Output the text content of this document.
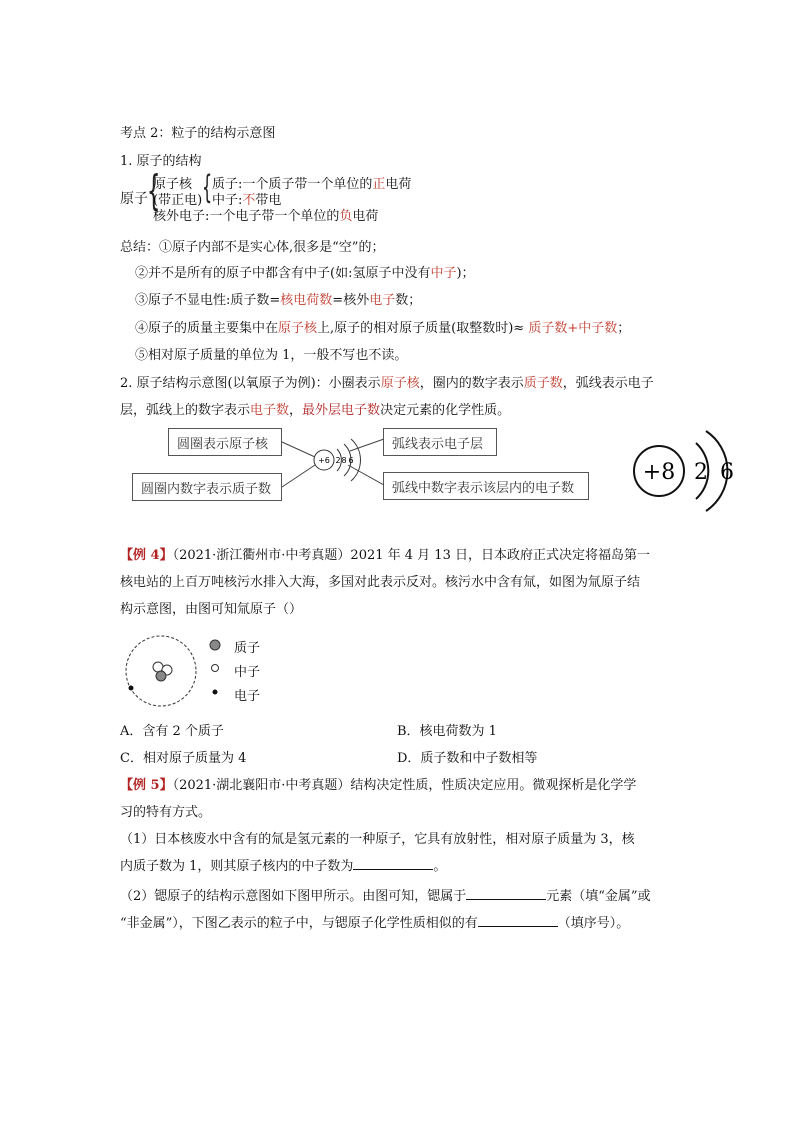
考点 2：粒子的结构示意图
1. 原子的结构
原子 {
原子核
(带正电) { 质子:一个质子带一个单位的正电荷
中子:不带电
核外电子:一个电子带一个单位的负电荷
总结：①原子内部不是实心体,很多是“空”的；
②并不是所有的原子中都含有中子(如:氢原子中没有中子)；
③原子不显电性:质子数=核电荷数=核外电子数；
④原子的质量主要集中在原子核上,原子的相对原子质量(取整数时)≈ 质子数+中子数；
⑤相对原子质量的单位为 1，一般不写也不读。
2. 原子结构示意图(以氧原子为例)：小圈表示原子核，圈内的数字表示质子数，弧线表示电子
层，弧线上的数字表示电子数，最外层电子数决定元素的化学性质。
圆圈表示原子核
圆圈内数字表示质子数
弧线表示电子层
弧线中数字表示该层内的电子数
+6 2 8 6	+8 2 6
【例 4】（2021·浙江衢州市·中考真题）2021 年 4 月 13 日，日本政府正式决定将福岛第一
核电站的上百万吨核污水排入大海，多国对此表示反对。核污水中含有氚，如图为氚原子结
构示意图，由图可知氚原子（）
质子
中子
电子
A．含有 2 个质子	B．核电荷数为 1
C．相对原子质量为 4	D．质子数和中子数相等
【例 5】（2021·湖北襄阳市·中考真题）结构决定性质，性质决定应用。微观探析是化学学
习的特有方式。
（1）日本核废水中含有的氚是氢元素的一种原子，它具有放射性，相对原子质量为 3，核
内质子数为 1，则其原子核内的中子数为	。
（2）锶原子的结构示意图如下图甲所示。由图可知，锶属于	元素（填“金属”或
“非金属”），下图乙表示的粒子中，与锶原子化学性质相似的有	（填序号）。
